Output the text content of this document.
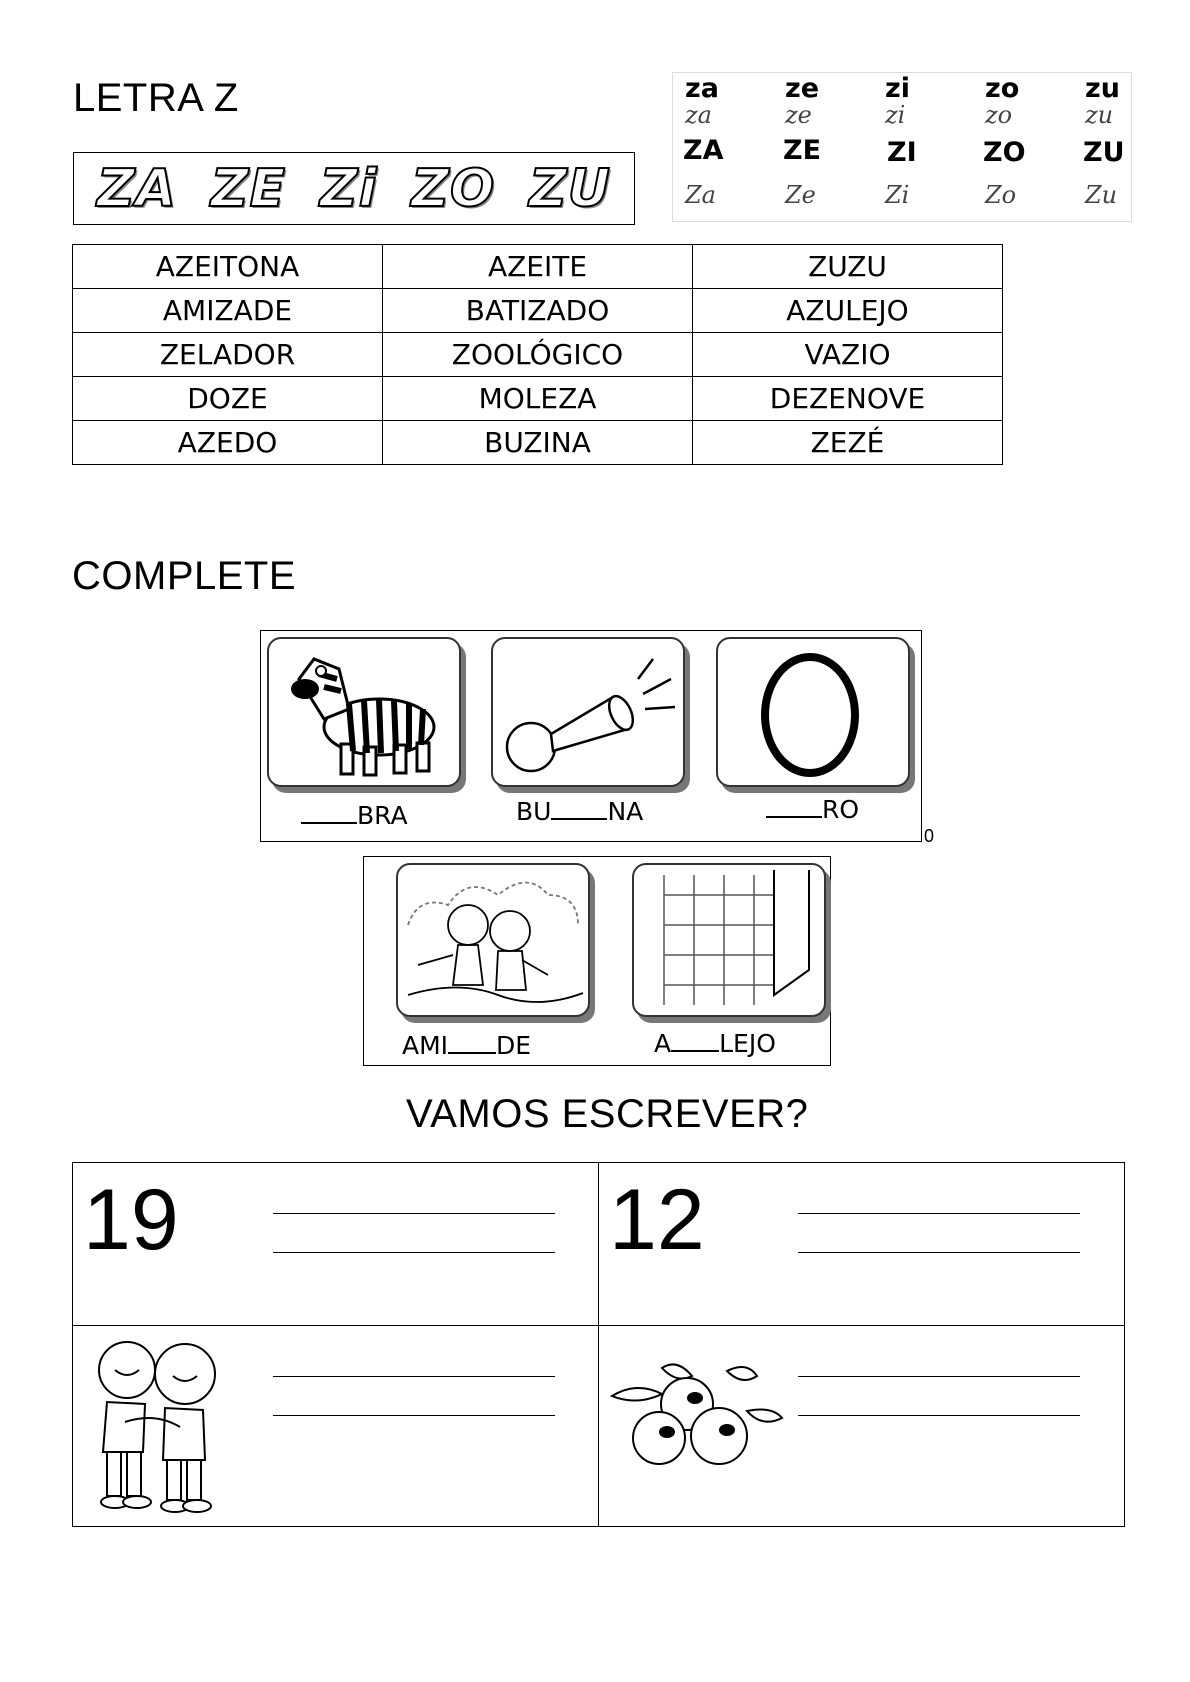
LETRA Z
ZA ZE Zi ZO ZU
za	ze	zi	zo	zu
za	ze	zi	zo	zu
ZA	ZE	ZI	ZO	ZU
Za	Ze	Zi	Zo	Zu
AZEITONA	AZEITE	ZUZU
AMIZADE	BATIZADO	AZULEJO
ZELADOR	ZOOLÓGICO	VAZIO
DOZE	MOLEZA	DEZENOVE
AZEDO	BUZINA	ZEZÉ
COMPLETE
BRA	BU NA	RO
0
AMI DE	A LEJO
VAMOS ESCREVER?
19	12
